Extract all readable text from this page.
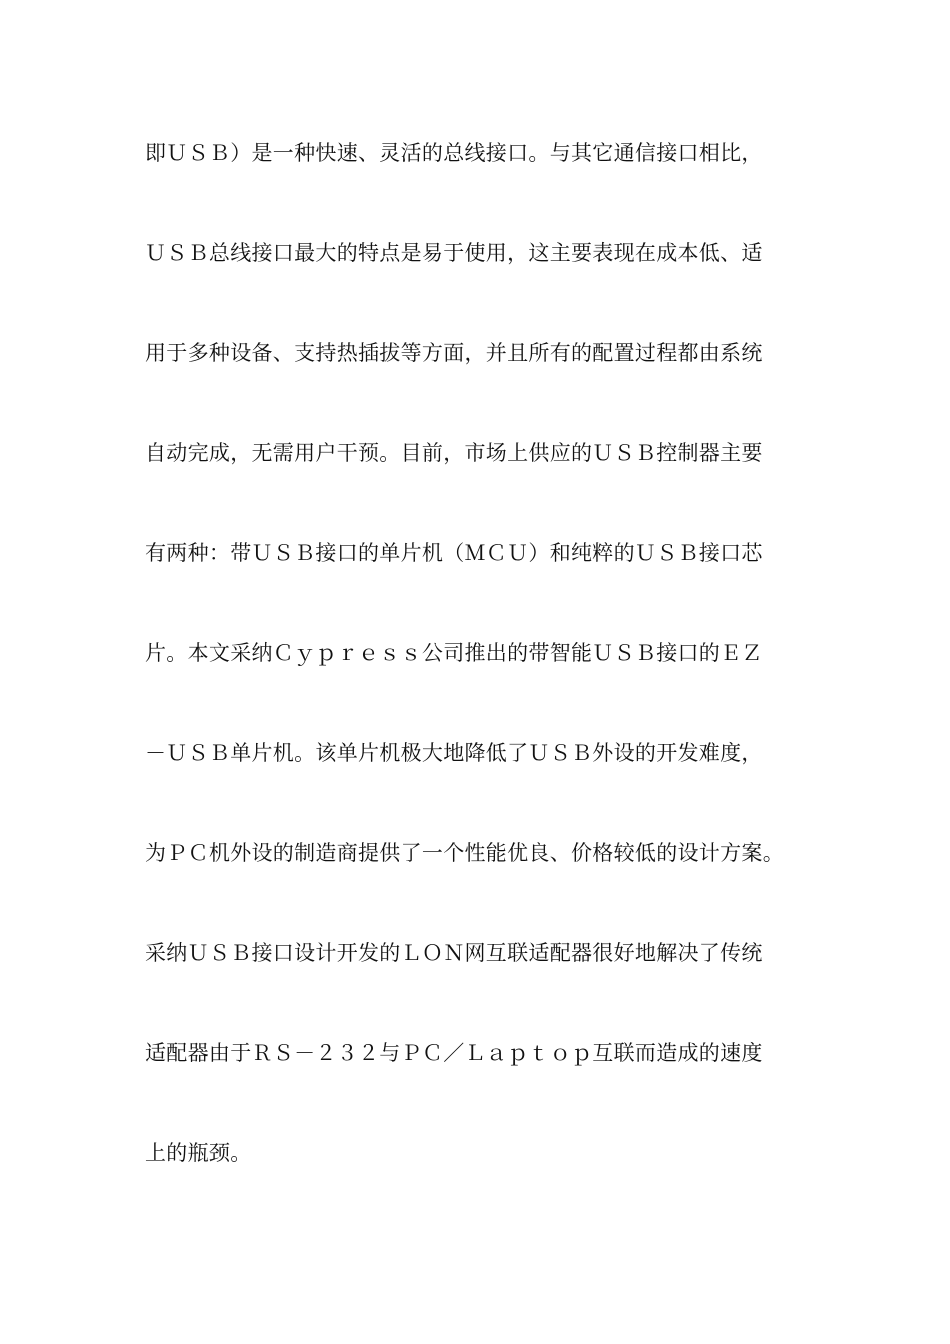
即ＵＳＢ）是一种快速、灵活的总线接口。与其它通信接口相比，
ＵＳＢ总线接口最大的特点是易于使用，这主要表现在成本低、适
用于多种设备、支持热插拔等方面，并且所有的配置过程都由系统
自动完成，无需用户干预。目前，市场上供应的ＵＳＢ控制器主要
有两种：带ＵＳＢ接口的单片机（ＭＣＵ）和纯粹的ＵＳＢ接口芯
片。本文采纳Ｃｙｐｒｅｓｓ公司推出的带智能ＵＳＢ接口的ＥＺ
－ＵＳＢ单片机。该单片机极大地降低了ＵＳＢ外设的开发难度，
为ＰＣ机外设的制造商提供了一个性能优良、价格较低的设计方案。
采纳ＵＳＢ接口设计开发的ＬＯＮ网互联适配器很好地解决了传统
适配器由于ＲＳ－２３２与ＰＣ／Ｌａｐｔｏｐ互联而造成的速度
上的瓶颈。
